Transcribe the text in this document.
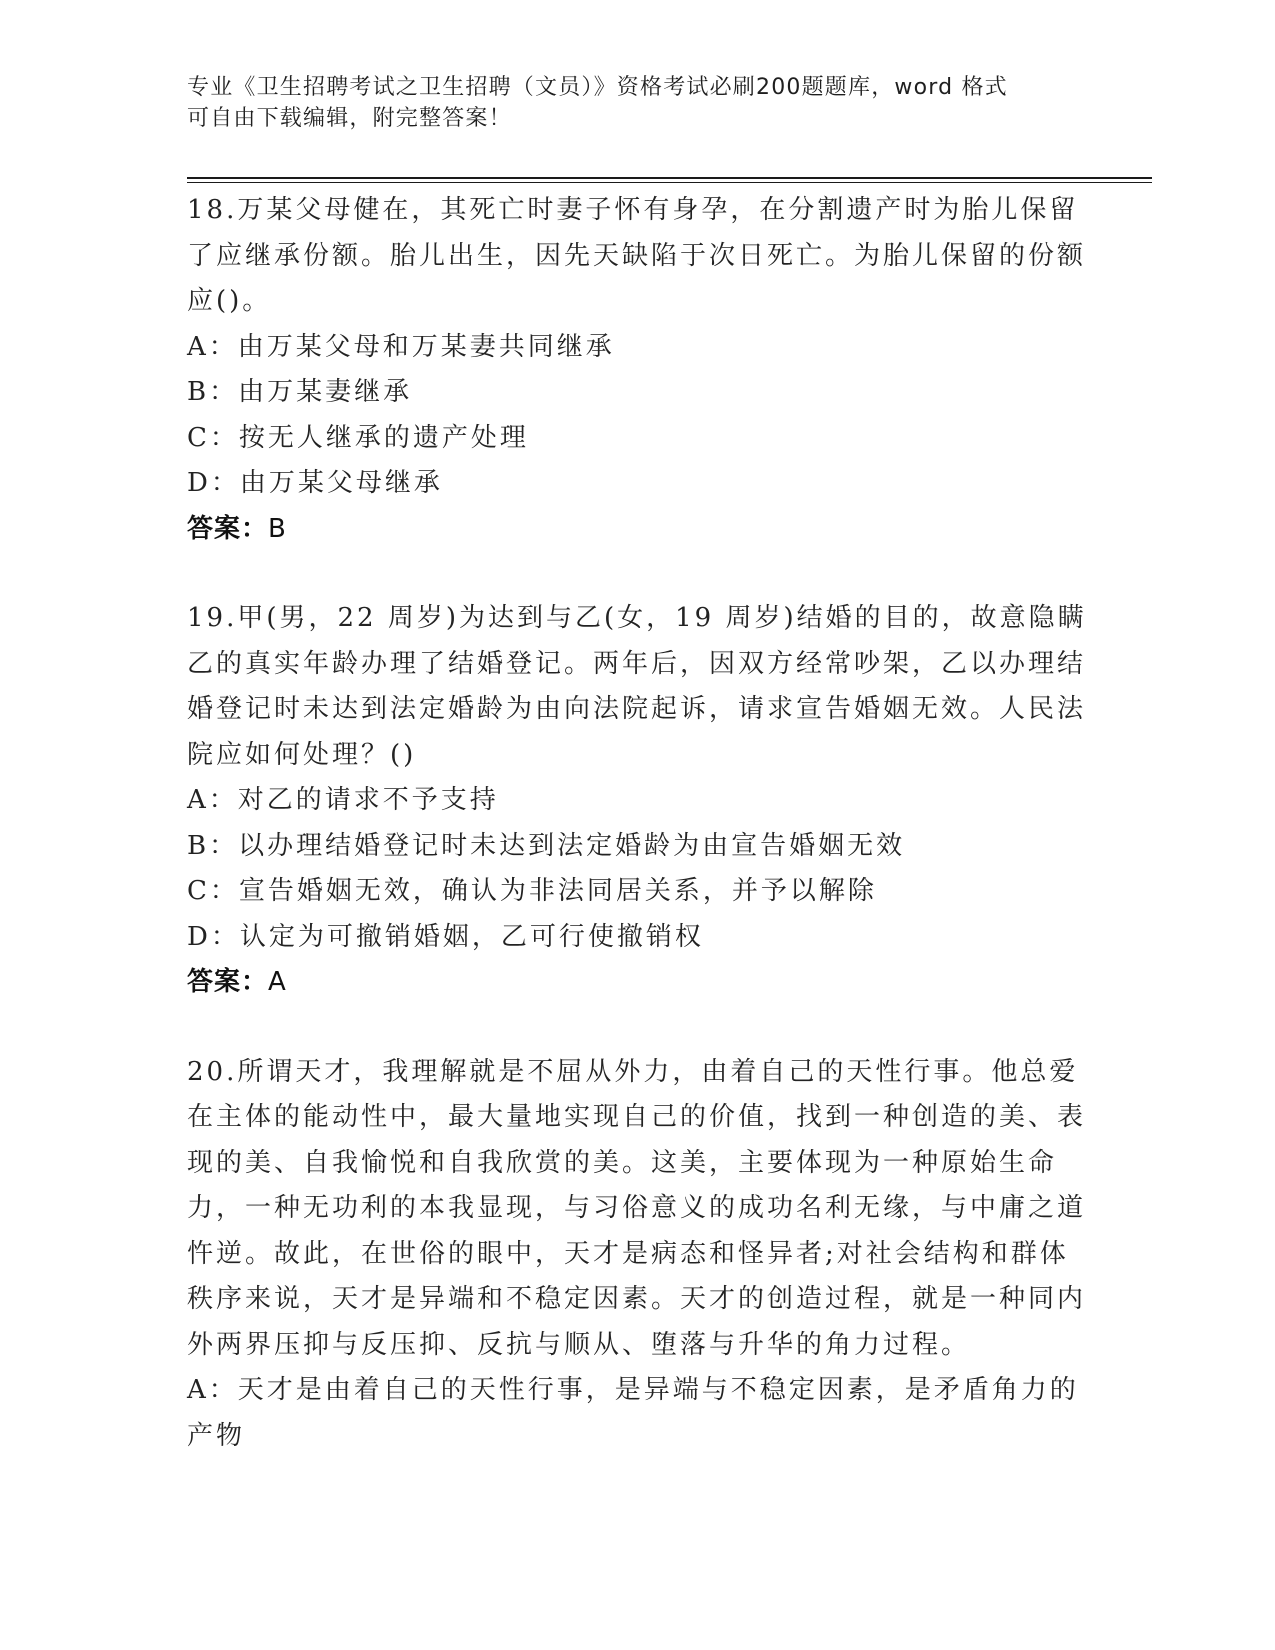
专业《卫生招聘考试之卫生招聘（文员）》资格考试必刷200题题库，word 格式
可自由下载编辑，附完整答案！

18.万某父母健在，其死亡时妻子怀有身孕，在分割遗产时为胎儿保留了应继承份额。胎儿出生，因先天缺陷于次日死亡。为胎儿保留的份额应()。

A：由万某父母和万某妻共同继承

B：由万某妻继承

C：按无人继承的遗产处理

D：由万某父母继承

答案：B

19.甲(男，22 周岁)为达到与乙(女，19 周岁)结婚的目的，故意隐瞒乙的真实年龄办理了结婚登记。两年后，因双方经常吵架，乙以办理结婚登记时未达到法定婚龄为由向法院起诉，请求宣告婚姻无效。人民法院应如何处理？()

A：对乙的请求不予支持

B：以办理结婚登记时未达到法定婚龄为由宣告婚姻无效

C：宣告婚姻无效，确认为非法同居关系，并予以解除

D：认定为可撤销婚姻，乙可行使撤销权

答案：A

20.所谓天才，我理解就是不屈从外力，由着自己的天性行事。他总爱在主体的能动性中，最大量地实现自己的价值，找到一种创造的美、表现的美、自我愉悦和自我欣赏的美。这美，主要体现为一种原始生命力，一种无功利的本我显现，与习俗意义的成功名利无缘，与中庸之道忤逆。故此，在世俗的眼中，天才是病态和怪异者;对社会结构和群体秩序来说，天才是异端和不稳定因素。天才的创造过程，就是一种同内外两界压抑与反压抑、反抗与顺从、堕落与升华的角力过程。

A：天才是由着自己的天性行事，是异端与不稳定因素，是矛盾角力的产物
